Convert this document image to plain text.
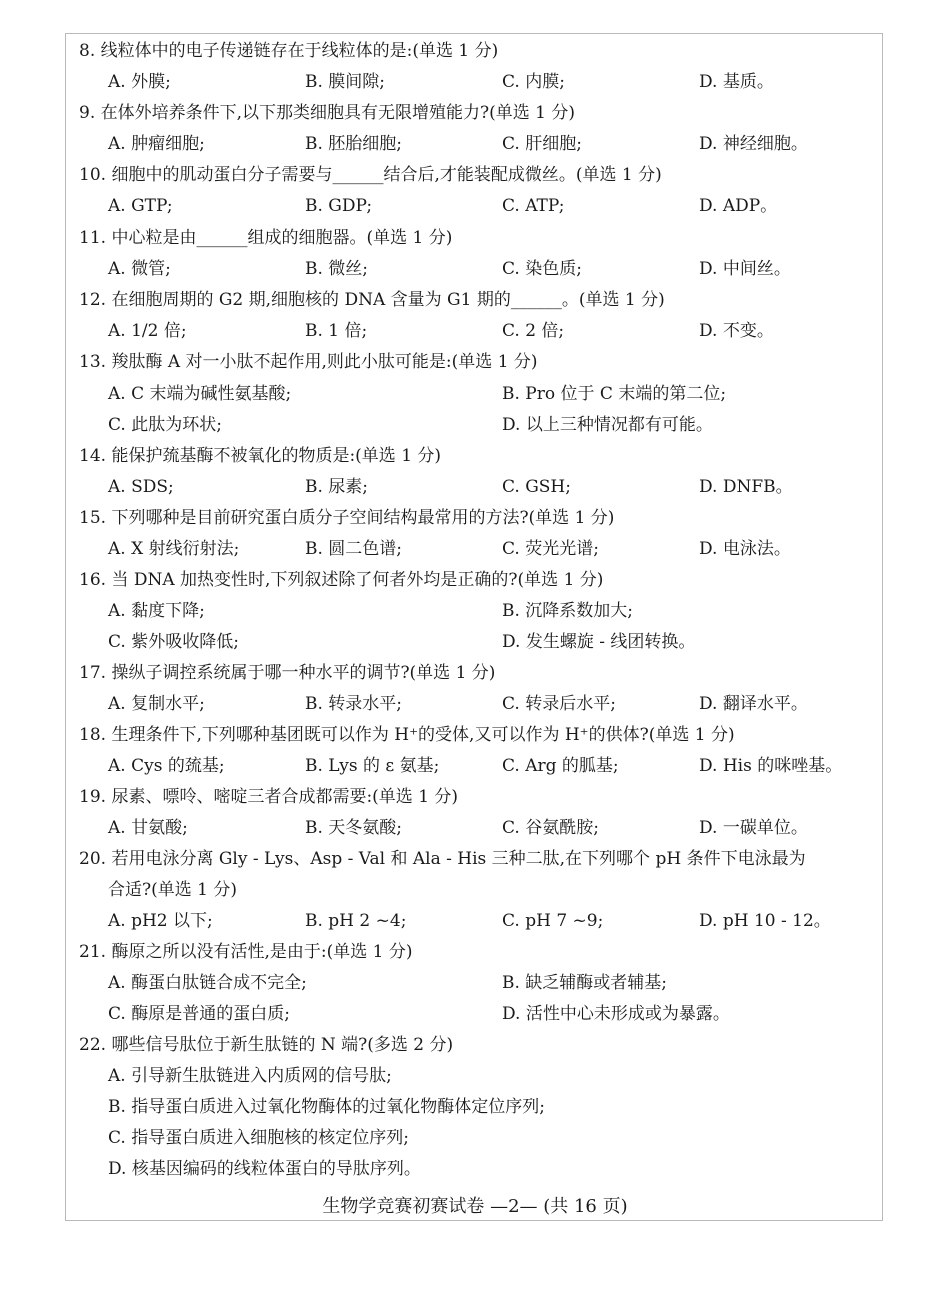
8. 线粒体中的电子传递链存在于线粒体的是:(单选 1 分)
A. 外膜;	B. 膜间隙;	C. 内膜;	D. 基质。
9. 在体外培养条件下,以下那类细胞具有无限增殖能力?(单选 1 分)
A. 肿瘤细胞;	B. 胚胎细胞;	C. 肝细胞;	D. 神经细胞。
10. 细胞中的肌动蛋白分子需要与______结合后,才能装配成微丝。(单选 1 分)
A. GTP;	B. GDP;	C. ATP;	D. ADP。
11. 中心粒是由______组成的细胞器。(单选 1 分)
A. 微管;	B. 微丝;	C. 染色质;	D. 中间丝。
12. 在细胞周期的 G2 期,细胞核的 DNA 含量为 G1 期的______。(单选 1 分)
A. 1/2 倍;	B. 1 倍;	C. 2 倍;	D. 不变。
13. 羧肽酶 A 对一小肽不起作用,则此小肽可能是:(单选 1 分)
A. C 末端为碱性氨基酸;	B. Pro 位于 C 末端的第二位;
C. 此肽为环状;	D. 以上三种情况都有可能。
14. 能保护巯基酶不被氧化的物质是:(单选 1 分)
A. SDS;	B. 尿素;	C. GSH;	D. DNFB。
15. 下列哪种是目前研究蛋白质分子空间结构最常用的方法?(单选 1 分)
A. X 射线衍射法;	B. 圆二色谱;	C. 荧光光谱;	D. 电泳法。
16. 当 DNA 加热变性时,下列叙述除了何者外均是正确的?(单选 1 分)
A. 黏度下降;	B. 沉降系数加大;
C. 紫外吸收降低;	D. 发生螺旋 - 线团转换。
17. 操纵子调控系统属于哪一种水平的调节?(单选 1 分)
A. 复制水平;	B. 转录水平;	C. 转录后水平;	D. 翻译水平。
18. 生理条件下,下列哪种基团既可以作为 H⁺的受体,又可以作为 H⁺的供体?(单选 1 分)
A. Cys 的巯基;	B. Lys 的 ε 氨基;	C. Arg 的胍基;	D. His 的咪唑基。
19. 尿素、嘌呤、嘧啶三者合成都需要:(单选 1 分)
A. 甘氨酸;	B. 天冬氨酸;	C. 谷氨酰胺;	D. 一碳单位。
20. 若用电泳分离 Gly - Lys、Asp - Val 和 Ala - His 三种二肽,在下列哪个 pH 条件下电泳最为
合适?(单选 1 分)
A. pH2 以下;	B. pH 2 ~4;	C. pH 7 ~9;	D. pH 10 - 12。
21. 酶原之所以没有活性,是由于:(单选 1 分)
A. 酶蛋白肽链合成不完全;	B. 缺乏辅酶或者辅基;
C. 酶原是普通的蛋白质;	D. 活性中心未形成或为暴露。
22. 哪些信号肽位于新生肽链的 N 端?(多选 2 分)
A. 引导新生肽链进入内质网的信号肽;
B. 指导蛋白质进入过氧化物酶体的过氧化物酶体定位序列;
C. 指导蛋白质进入细胞核的核定位序列;
D. 核基因编码的线粒体蛋白的导肽序列。
生物学竞赛初赛试卷 —2— (共 16 页)
